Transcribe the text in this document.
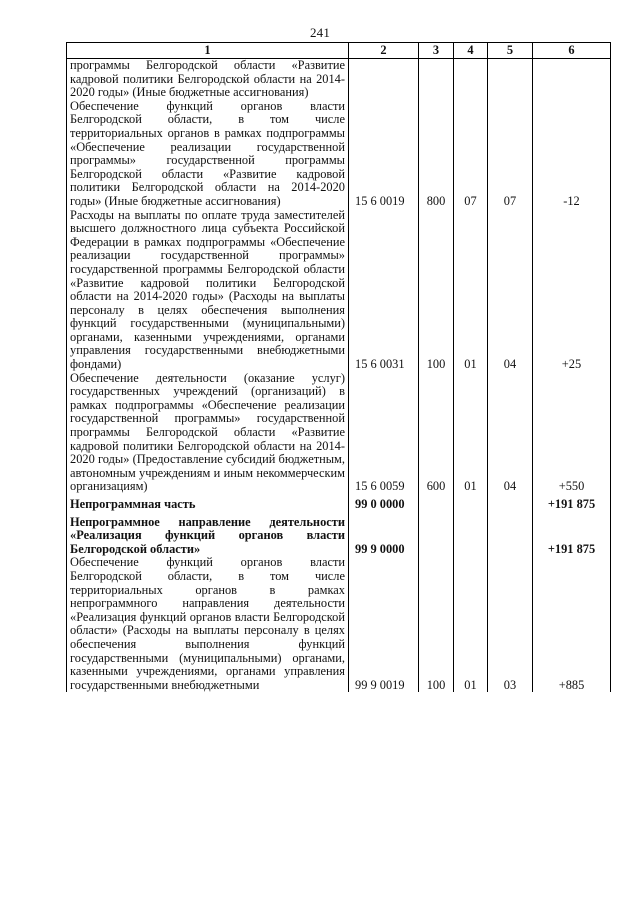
241
1	2	3	4	5	6
программы Белгородской области «Развитие кадровой политики Белгородской области на 2014-2020 годы» (Иные бюджетные ассигнования)					
Обеспечение функций органов власти Белгородской области, в том числе территориальных органов в рамках подпрограммы «Обеспечение реализации государственной программы» государственной программы Белгородской области «Развитие кадровой политики Белгородской области на 2014-2020 годы» (Иные бюджетные ассигнования)	15 6 0019	800	07	07	-12
Расходы на выплаты по оплате труда заместителей высшего должностного лица субъекта Российской Федерации в рамках подпрограммы «Обеспечение реализации государственной программы» государственной программы Белгородской области «Развитие кадровой политики Белгородской области на 2014-2020 годы» (Расходы на выплаты персоналу в целях обеспечения выполнения функций государственными (муниципальными) органами, казенными учреждениями, органами управления государственными внебюджетными фондами)	15 6 0031	100	01	04	+25
Обеспечение деятельности (оказание услуг) государственных учреждений (организаций) в рамках подпрограммы «Обеспечение реализации государственной программы» государственной программы Белгородской области «Развитие кадровой политики Белгородской области на 2014-2020 годы» (Предоставление субсидий бюджетным, автономным учреждениям и иным некоммерческим организациям)	15 6 0059	600	01	04	+550

Непрограммная часть	99 0 0000				+191 875

Непрограммное направление деятельности «Реализация функций органов власти Белгородской области»	99 9 0000				+191 875
Обеспечение функций органов власти Белгородской области, в том числе территориальных органов в рамках непрограммного направления деятельности «Реализация функций органов власти Белгородской области» (Расходы на выплаты персоналу в целях обеспечения выполнения функций государственными (муниципальными) органами, казенными учреждениями, органами управления государственными внебюджетными	99 9 0019	100	01	03	+885
